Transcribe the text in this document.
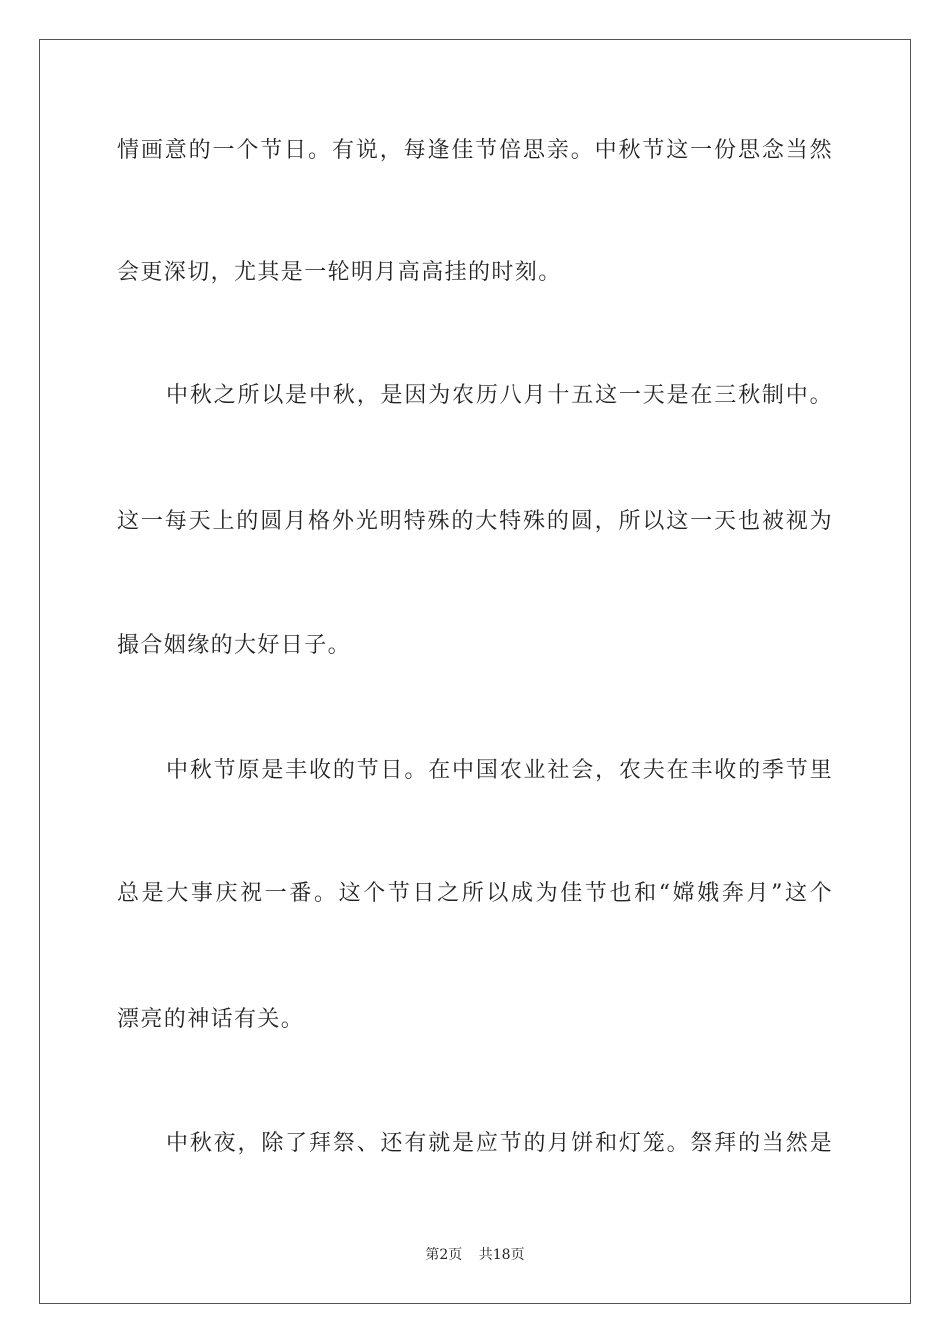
情画意的一个节日。有说，每逢佳节倍思亲。中秋节这一份思念当然
会更深切，尤其是一轮明月高高挂的时刻。
中秋之所以是中秋，是因为农历八月十五这一天是在三秋制中。
这一每天上的圆月格外光明特殊的大特殊的圆，所以这一天也被视为
撮合姻缘的大好日子。
中秋节原是丰收的节日。在中国农业社会，农夫在丰收的季节里
总是大事庆祝一番。这个节日之所以成为佳节也和“嫦娥奔月”这个
漂亮的神话有关。
中秋夜，除了拜祭、还有就是应节的月饼和灯笼。祭拜的当然是
第2页 共18页
